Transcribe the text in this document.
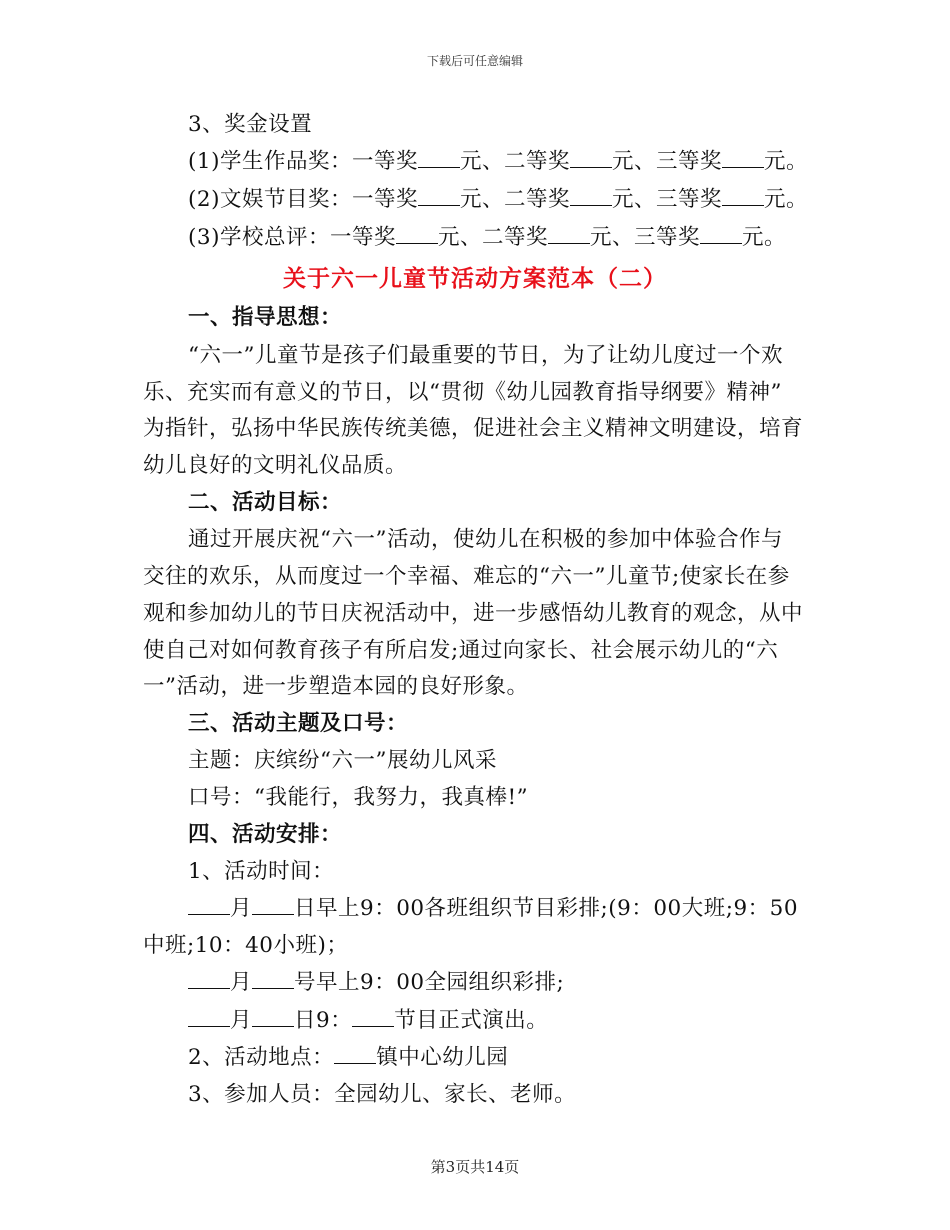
下载后可任意编辑
3、奖金设置
(1)学生作品奖：一等奖 元、二等奖 元、三等奖 元。
(2)文娱节目奖：一等奖 元、二等奖 元、三等奖 元。
(3)学校总评：一等奖 元、二等奖 元、三等奖 元。
关于六一儿童节活动方案范本（二）
一、指导思想：
“六一”儿童节是孩子们最重要的节日，为了让幼儿度过一个欢
乐、充实而有意义的节日，以“贯彻《幼儿园教育指导纲要》精神”
为指针，弘扬中华民族传统美德，促进社会主义精神文明建设，培育
幼儿良好的文明礼仪品质。
二、活动目标：
通过开展庆祝“六一”活动，使幼儿在积极的参加中体验合作与
交往的欢乐，从而度过一个幸福、难忘的“六一”儿童节;使家长在参
观和参加幼儿的节日庆祝活动中，进一步感悟幼儿教育的观念，从中
使自己对如何教育孩子有所启发;通过向家长、社会展示幼儿的“六
一”活动，进一步塑造本园的良好形象。
三、活动主题及口号：
主题：庆缤纷“六一”展幼儿风采
口号：“我能行，我努力，我真棒!”
四、活动安排：
1、活动时间：
月 日早上9：00各班组织节目彩排;(9：00大班;9：50
中班;10：40小班)；
月 号早上9：00全园组织彩排;
月 日9： 节目正式演出。
2、活动地点： 镇中心幼儿园
3、参加人员：全园幼儿、家长、老师。
第3页共14页
